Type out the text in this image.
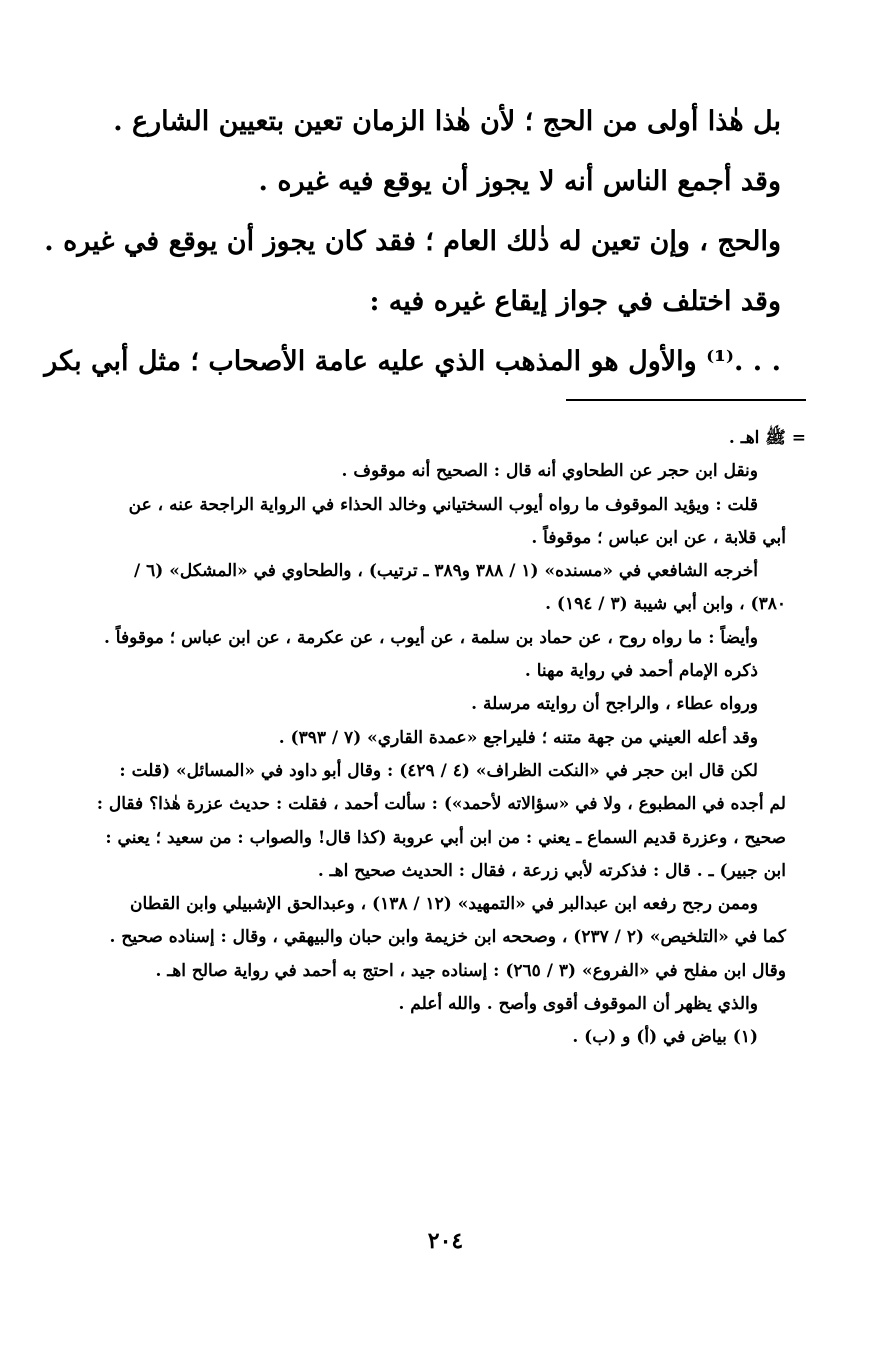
بل هٰذا أولى من الحج ؛ لأن هٰذا الزمان تعين بتعيين الشارع .

وقد أجمع الناس أنه لا يجوز أن يوقع فيه غيره .

والحج ، وإن تعين له ذٰلك العام ؛ فقد كان يجوز أن يوقع في غيره .

وقد اختلف في جواز إيقاع غيره فيه :

. . .⁽¹⁾ والأول هو المذهب الذي عليه عامة الأصحاب ؛ مثل أبي بكر

= ﷺ اهـ .

ونقل ابن حجر عن الطحاوي أنه قال : الصحيح أنه موقوف .

قلت : ويؤيد الموقوف ما رواه أيوب السختياني وخالد الحذاء في الرواية الراجحة عنه ، عن

أبي قلابة ، عن ابن عباس ؛ موقوفاً .

أخرجه الشافعي في «مسنده» (١ / ٣٨٨ و٣٨٩ ـ ترتيب) ، والطحاوي في «المشكل» (٦ /

٣٨٠) ، وابن أبي شيبة (٣ / ١٩٤) .

وأيضاً : ما رواه روح ، عن حماد بن سلمة ، عن أيوب ، عن عكرمة ، عن ابن عباس ؛ موقوفاً .

ذكره الإمام أحمد في رواية مهنا .

ورواه عطاء ، والراجح أن روايته مرسلة .

وقد أعله العيني من جهة متنه ؛ فليراجع «عمدة القاري» (٧ / ٣٩٣) .

لكن قال ابن حجر في «النكت الظراف» (٤ / ٤٢٩) : وقال أبو داود في «المسائل» (قلت :

لم أجده في المطبوع ، ولا في «سؤالاته لأحمد») : سألت أحمد ، فقلت : حديث عزرة هٰذا؟ فقال :

صحيح ، وعزرة قديم السماع ـ يعني : من ابن أبي عروبة (كذا قال! والصواب : من سعيد ؛ يعني :

ابن جبير) ـ . قال : فذكرته لأبي زرعة ، فقال : الحديث صحيح اهـ .

وممن رجح رفعه ابن عبدالبر في «التمهيد» (١٢ / ١٣٨) ، وعبدالحق الإشبيلي وابن القطان

كما في «التلخيص» (٢ / ٢٣٧) ، وصححه ابن خزيمة وابن حبان والبيهقي ، وقال : إسناده صحيح .

وقال ابن مفلح في «الفروع» (٣ / ٢٦٥) : إسناده جيد ، احتج به أحمد في رواية صالح اهـ .

والذي يظهر أن الموقوف أقوى وأصح . والله أعلم .

(١) بياض في (أ) و (ب) .

٢٠٤
